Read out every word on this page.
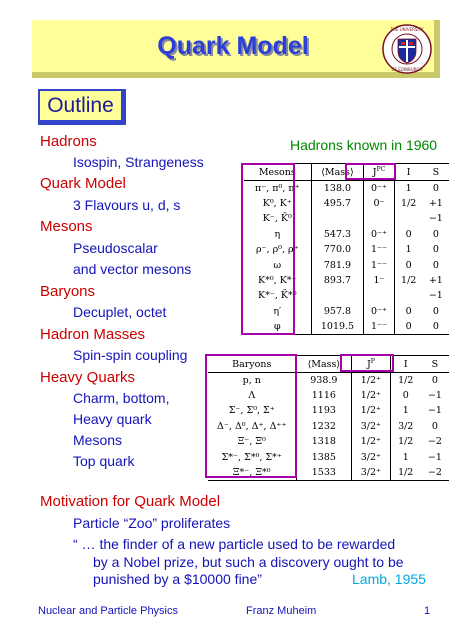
Quark Model
THE UNIVERSITY
OF EDINBURGH
Outline
Hadrons
Isospin, Strangeness
Quark Model
3 Flavours u, d, s
Mesons
Pseudoscalar
and vector mesons
Baryons
Decuplet, octet
Hadron Masses
Spin-spin coupling
Heavy Quarks
Charm, bottom,
Heavy quark
Mesons
Top quark
Hadrons known in 1960
Mesons	⟨Mass⟩	$J^{PC}$	I	S
π⁻, π⁰, π⁺	138.0	0⁻⁺	1	0
K⁰, K⁺	495.7	0⁻	1/2	+1
K⁻, K̄⁰				−1
η	547.3	0⁻⁺	0	0
ρ⁻, ρ⁰, ρ⁺	770.0	1⁻⁻	1	0
ω	781.9	1⁻⁻	0	0
K*⁰, K*⁺	893.7	1⁻	1/2	+1
K*⁻, K̄*⁰				−1
η′	957.8	0⁻⁺	0	0
φ	1019.5	1⁻⁻	0	0
Baryons	⟨Mass⟩	$J^P$	I	S
p, n	938.9	1/2⁺	1/2	0
Λ	1116	1/2⁺	0	−1
Σ⁻, Σ⁰, Σ⁺	1193	1/2⁺	1	−1
Δ⁻, Δ⁰, Δ⁺, Δ⁺⁺	1232	3/2⁺	3/2	0
Ξ⁻, Ξ⁰	1318	1/2⁺	1/2	−2
Σ*⁻, Σ*⁰, Σ*⁺	1385	3/2⁺	1	−1
Ξ*⁻, Ξ*⁰	1533	3/2⁺	1/2	−2
Motivation for Quark Model
Particle “Zoo” proliferates
“ … the finder of a new particle used to be rewarded
by a Nobel prize, but such a discovery ought to be
punished by a $10000 fine”	Lamb, 1955
Nuclear and Particle Physics	Franz Muheim	1
